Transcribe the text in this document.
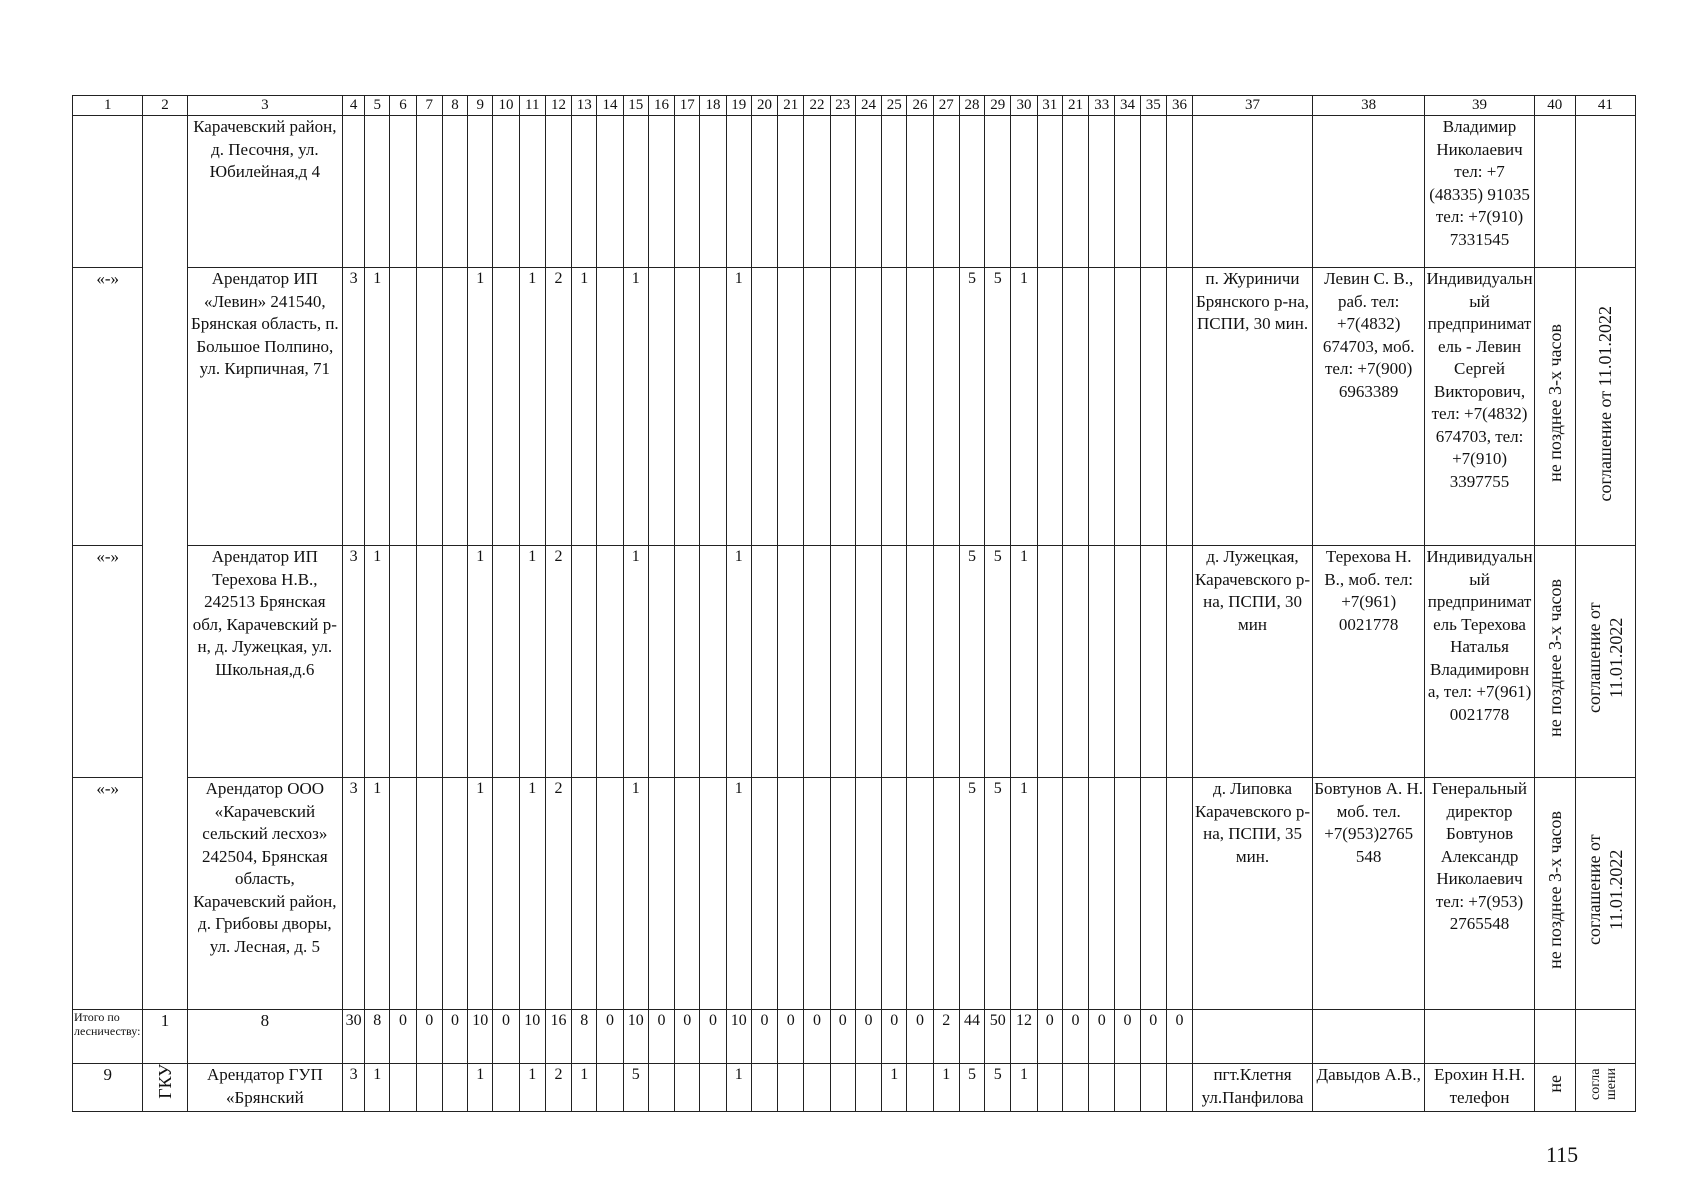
1	2	3	4	5	6	7	8	9	10	11	12	13	14	15	16	17	18	19	20	21	22	23	24	25	26	27	28	29	30	31	21	33	34	35	36	37	38	39	40	41
		Карачевский район, д. Песочня, ул. Юбилейная,д 4																																				Владимир Николаевич тел: +7 (48335) 91035 тел: +7(910) 7331545		
«-»		Арендатор ИП «Левин» 241540, Брянская область, п. Большое Полпино, ул. Кирпичная, 71	3	1				1		1	2	1		1				1									5	5	1							п. Журиничи Брянского р-на, ПСПИ, 30 мин.	Левин С. В., раб. тел: +7(4832) 674703, моб. тел: +7(900) 6963389	Индивидуальный предприниматель - Левин Сергей Викторович, тел: +7(4832) 674703, тел: +7(910) 3397755	не позднее 3-х часов	соглашение от 11.01.2022
«-»		Арендатор ИП Терехова Н.В., 242513 Брянская обл, Карачевский р-н, д. Лужецкая, ул. Школьная,д.6	3	1				1		1	2			1				1									5	5	1							д. Лужецкая, Карачевского р-на, ПСПИ, 30 мин	Терехова Н. В., моб. тел: +7(961) 0021778	Индивидуальный предприниматель Терехова Наталья Владимировна, тел: +7(961) 0021778	не позднее 3-х часов	соглашение от 11.01.2022
«-»		Арендатор ООО «Карачевский сельский лесхоз» 242504, Брянская область, Карачевский район, д. Грибовы дворы, ул. Лесная, д. 5	3	1				1		1	2			1				1									5	5	1							д. Липовка Карачевского р-на, ПСПИ, 35 мин.	Бовтунов А. Н. моб. тел. +7(953)2765 548	Генеральный директор Бовтунов Александр Николаевич тел: +7(953) 2765548	не позднее 3-х часов	соглашение от 11.01.2022
Итого по лесничеству:	1	8	30	8	0	0	0	10	0	10	16	8	0	10	0	0	0	10	0	0	0	0	0	0	0	2	44	50	12	0	0	0	0	0	0					
9	ГКУ	Арендатор ГУП «Брянский	3	1				1		1	2	1		5				1						1		1	5	5	1							пгт.Клетня ул.Панфилова	Давыдов А.В.,	Ерохин Н.Н. телефон	не	согла шени
115
